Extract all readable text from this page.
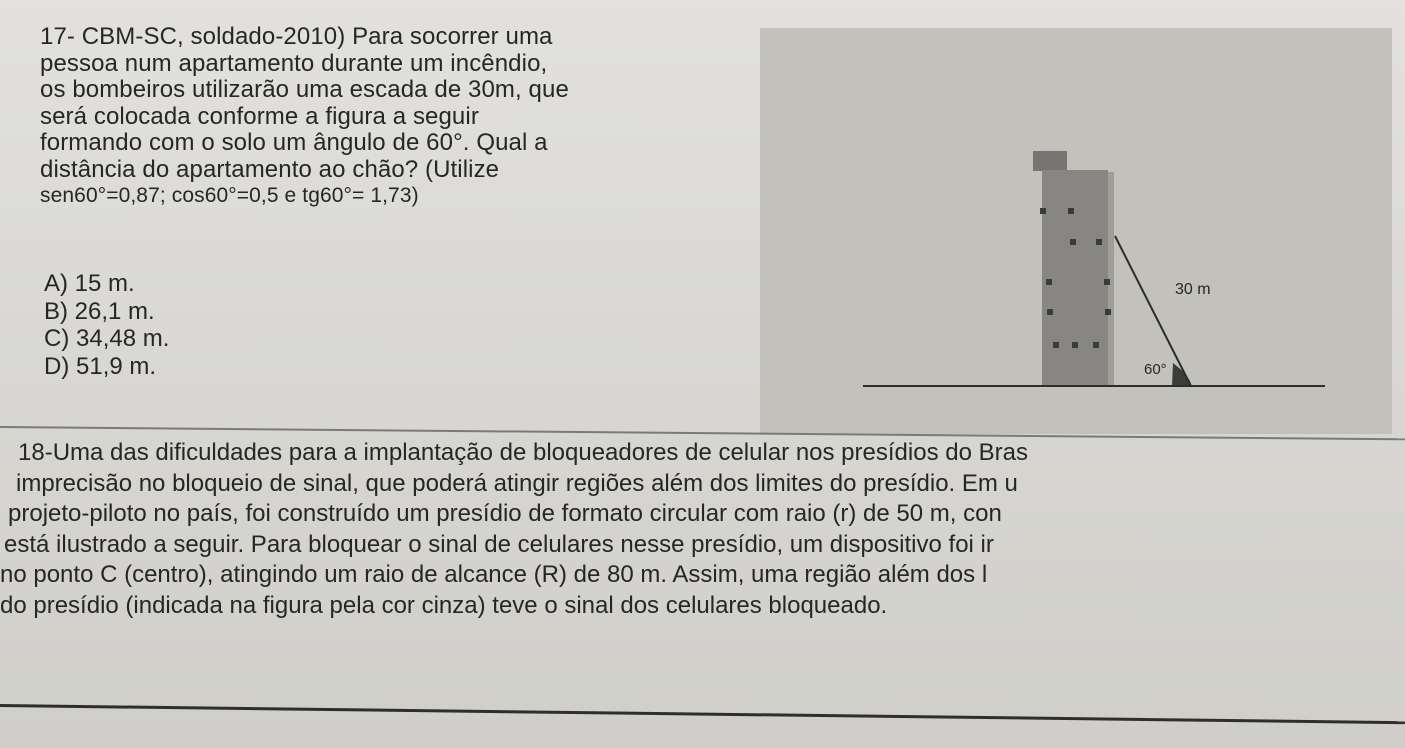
17- CBM-SC, soldado-2010) Para socorrer uma
pessoa num apartamento durante um incêndio,
os bombeiros utilizarão uma escada de 30m, que
será colocada conforme a figura a seguir
formando com o solo um ângulo de 60°. Qual a
distância do apartamento ao chão? (Utilize
sen60°=0,87; cos60°=0,5 e tg60°= 1,73)
A) 15 m.
B) 26,1 m.
C) 34,48 m.
D) 51,9 m.
30 m
60°
18-Uma das dificuldades para a implantação de bloqueadores de celular nos presídios do Bras
imprecisão no bloqueio de sinal, que poderá atingir regiões além dos limites do presídio. Em u
projeto-piloto no país, foi construído um presídio de formato circular com raio (r) de 50 m, con
está ilustrado a seguir. Para bloquear o sinal de celulares nesse presídio, um dispositivo foi ir
no ponto C (centro), atingindo um raio de alcance (R) de 80 m. Assim, uma região além dos l
do presídio (indicada na figura pela cor cinza) teve o sinal dos celulares bloqueado.
